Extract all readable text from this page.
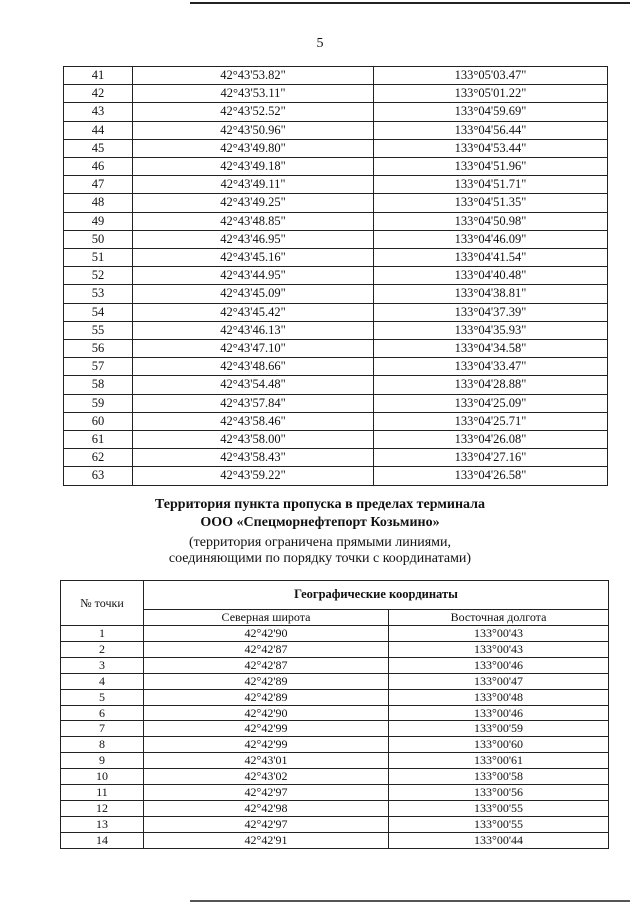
5
41	42°43'53.82"	133°05'03.47"
42	42°43'53.11"	133°05'01.22"
43	42°43'52.52"	133°04'59.69"
44	42°43'50.96"	133°04'56.44"
45	42°43'49.80"	133°04'53.44"
46	42°43'49.18"	133°04'51.96"
47	42°43'49.11"	133°04'51.71"
48	42°43'49.25"	133°04'51.35"
49	42°43'48.85"	133°04'50.98"
50	42°43'46.95"	133°04'46.09"
51	42°43'45.16"	133°04'41.54"
52	42°43'44.95"	133°04'40.48"
53	42°43'45.09"	133°04'38.81"
54	42°43'45.42"	133°04'37.39"
55	42°43'46.13"	133°04'35.93"
56	42°43'47.10"	133°04'34.58"
57	42°43'48.66"	133°04'33.47"
58	42°43'54.48"	133°04'28.88"
59	42°43'57.84"	133°04'25.09"
60	42°43'58.46"	133°04'25.71"
61	42°43'58.00"	133°04'26.08"
62	42°43'58.43"	133°04'27.16"
63	42°43'59.22"	133°04'26.58"
Территория пункта пропуска в пределах терминала
ООО «Спецморнефтепорт Козьмино»
(территория ограничена прямыми линиями,
соединяющими по порядку точки с координатами)
№ точки	Географические координаты	
	Северная широта	Восточная долгота
1	42°42'90	133°00'43
2	42°42'87	133°00'43
3	42°42'87	133°00'46
4	42°42'89	133°00'47
5	42°42'89	133°00'48
6	42°42'90	133°00'46
7	42°42'99	133°00'59
8	42°42'99	133°00'60
9	42°43'01	133°00'61
10	42°43'02	133°00'58
11	42°42'97	133°00'56
12	42°42'98	133°00'55
13	42°42'97	133°00'55
14	42°42'91	133°00'44
